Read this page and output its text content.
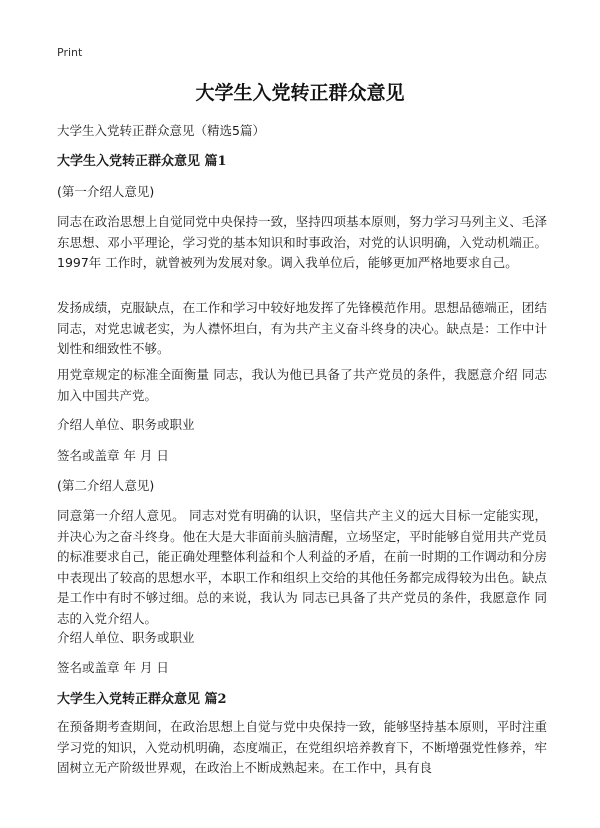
Print
大学生入党转正群众意见
大学生入党转正群众意见（精选5篇）
大学生入党转正群众意见 篇1
(第一介绍人意见)
同志在政治思想上自觉同党中央保持一致，坚持四项基本原则，努力学习马列主义、毛泽东思想、邓小平理论，学习党的基本知识和时事政治，对党的认识明确，入党动机端正。1997年 工作时，就曾被列为发展对象。调入我单位后，能够更加严格地要求自己。
发扬成绩，克服缺点，在工作和学习中较好地发挥了先锋模范作用。思想品德端正，团结同志，对党忠诚老实，为人襟怀坦白，有为共产主义奋斗终身的决心。缺点是：工作中计划性和细致性不够。
用党章规定的标准全面衡量 同志，我认为他已具备了共产党员的条件，我愿意介绍 同志加入中国共产党。
介绍人单位、职务或职业
签名或盖章 年 月 日
(第二介绍人意见)
同意第一介绍人意见。 同志对党有明确的认识，坚信共产主义的远大目标一定能实现，并决心为之奋斗终身。他在大是大非面前头脑清醒，立场坚定，平时能够自觉用共产党员的标准要求自己，能正确处理整体利益和个人利益的矛盾，在前一时期的工作调动和分房中表现出了较高的思想水平，本职工作和组织上交给的其他任务都完成得较为出色。缺点是工作中有时不够过细。总的来说，我认为 同志已具备了共产党员的条件，我愿意作 同志的入党介绍人。
介绍人单位、职务或职业
签名或盖章 年 月 日
大学生入党转正群众意见 篇2
在预备期考查期间，在政治思想上自觉与党中央保持一致，能够坚持基本原则，平时注重学习党的知识，入党动机明确，态度端正，在党组织培养教育下，不断增强党性修养，牢固树立无产阶级世界观，在政治上不断成熟起来。在工作中，具有良
